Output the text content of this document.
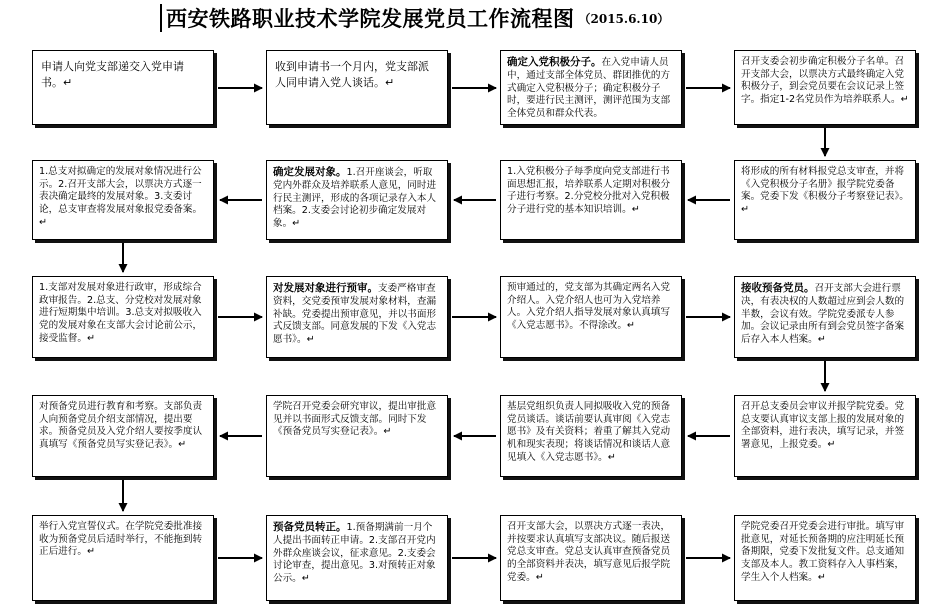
西安铁路职业技术学院发展党员工作流程图 （2015.6.10）
申请人向党支部递交入党申请书。↵
收到申请书一个月内，党支部派人同申请入党人谈话。↵
确定入党积极分子。在入党申请人员中，通过支部全体党员、群团推优的方式确定入党积极分子；确定积极分子时，要进行民主测评，测评范围为支部全体党员和群众代表。
召开支委会初步确定积极分子名单。召开支部大会，以票决方式最终确定入党积极分子，到会党员要在会议记录上签字。指定1-2名党员作为培养联系人。↵
1.总支对拟确定的发展对象情况进行公示。2.召开支部大会，以票决方式逐一表决确定最终的发展对象。3.支委讨论，总支审查将发展对象报党委备案。↵
确定发展对象。1.召开座谈会，听取党内外群众及培养联系人意见，同时进行民主测评，形成的各项记录存入本人档案。2.支委会讨论初步确定发展对象。↵
1.入党积极分子每季度向党支部进行书面思想汇报，培养联系人定期对积极分子进行考察。2.分党校分批对入党积极分子进行党的基本知识培训。↵
将形成的所有材料报党总支审查，并将《入党积极分子名册》报学院党委备案。党委下发《积极分子考察登记表》。↵
1.支部对发展对象进行政审，形成综合政审报告。2.总支、分党校对发展对象进行短期集中培训。3.总支对拟吸收入党的发展对象在支部大会讨论前公示，接受监督。↵
对发展对象进行预审。支委严格审查资料，交党委预审发展对象材料，查漏补缺。党委提出预审意见，并以书面形式反馈支部。同意发展的下发《入党志愿书》。↵
预审通过的，党支部为其确定两名入党介绍人。入党介绍人也可为入党培养人。入党介绍人指导发展对象认真填写《入党志愿书》。不得涂改。↵
接收预备党员。召开支部大会进行票决，有表决权的人数超过应到会人数的半数，会议有效。学院党委派专人参加。会议记录由所有到会党员签字备案后存入本人档案。↵
对预备党员进行教育和考察。支部负责人向预备党员介绍支部情况，提出要求。预备党员及入党介绍人要按季度认真填写《预备党员写实登记表》。↵
学院召开党委会研究审议，提出审批意见并以书面形式反馈支部。同时下发《预备党员写实登记表》。↵
基层党组织负责人同拟吸收入党的预备党员谈话。谈话前要认真审阅《入党志愿书》及有关资料；着重了解其入党动机和现实表现；将谈话情况和谈话人意见填入《入党志愿书》。↵
召开总支委员会审议并报学院党委。党总支要认真审议支部上报的发展对象的全部资料，进行表决，填写记录，并签署意见，上报党委。↵
举行入党宣誓仪式。在学院党委批准接收为预备党员后适时举行，不能拖到转正后进行。↵
预备党员转正。1.预备期满前一月个人提出书面转正申请。2.支部召开党内外群众座谈会议，征求意见。2.支委会讨论审查，提出意见。3.对预转正对象公示。↵
召开支部大会，以票决方式逐一表决，并按要求认真填写支部决议。随后报送党总支审查。党总支认真审查预备党员的全部资料并表决，填写意见后报学院党委。↵
学院党委召开党委会进行审批。填写审批意见，对延长预备期的应注明延长预备期限，党委下发批复文件。总支通知支部及本人。教工资料存入人事档案，学生入个人档案。↵
